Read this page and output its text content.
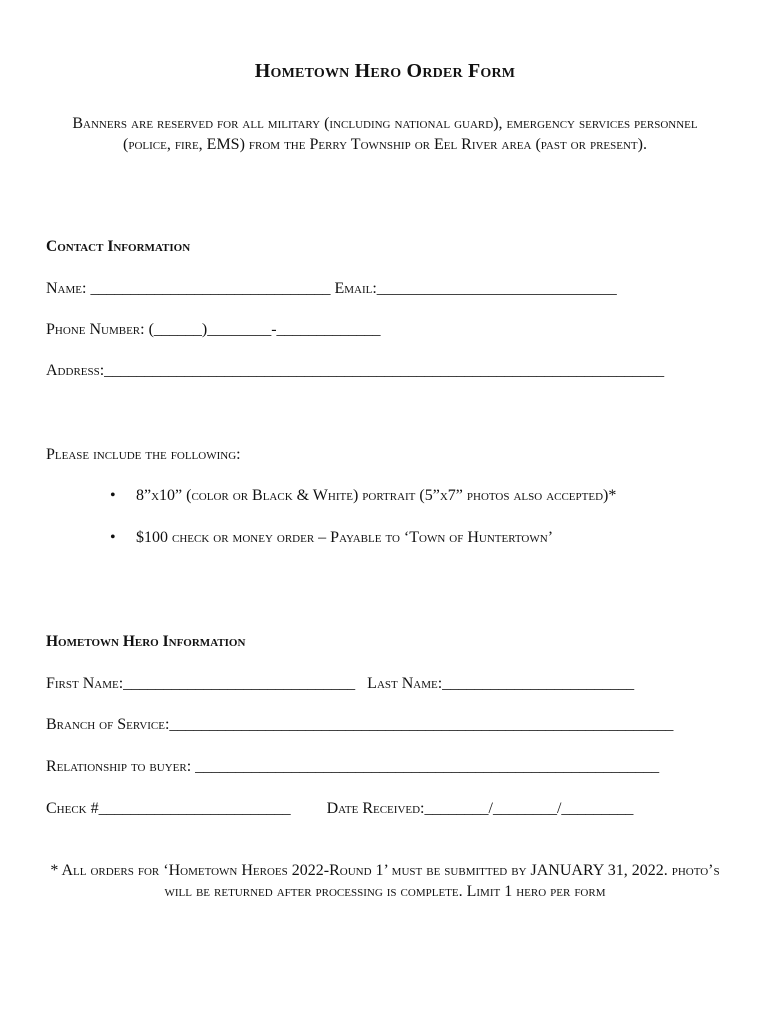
Hometown Hero Order Form
Banners are reserved for all military (including national guard), emergency services personnel (police, fire, EMS) from the Perry Township or Eel River area (past or present).
Contact Information
Name: ______________________________ Email:______________________________
Phone Number: (______)________-_____________
Address:______________________________________________________________________
Please include the following:
• 8”x10” (color or Black & White) portrait (5”x7” photos also accepted)*
• $100 check or money order – Payable to ‘Town of Huntertown’
Hometown Hero Information
First Name:_____________________________   Last Name:________________________
Branch of Service:_______________________________________________________________
Relationship to buyer: __________________________________________________________
Check #________________________         Date Received:________/________/_________
* All orders for ‘Hometown Heroes 2022-Round 1’ must be submitted by JANUARY 31, 2022. photo’s will be returned after processing is complete. Limit 1 hero per form
